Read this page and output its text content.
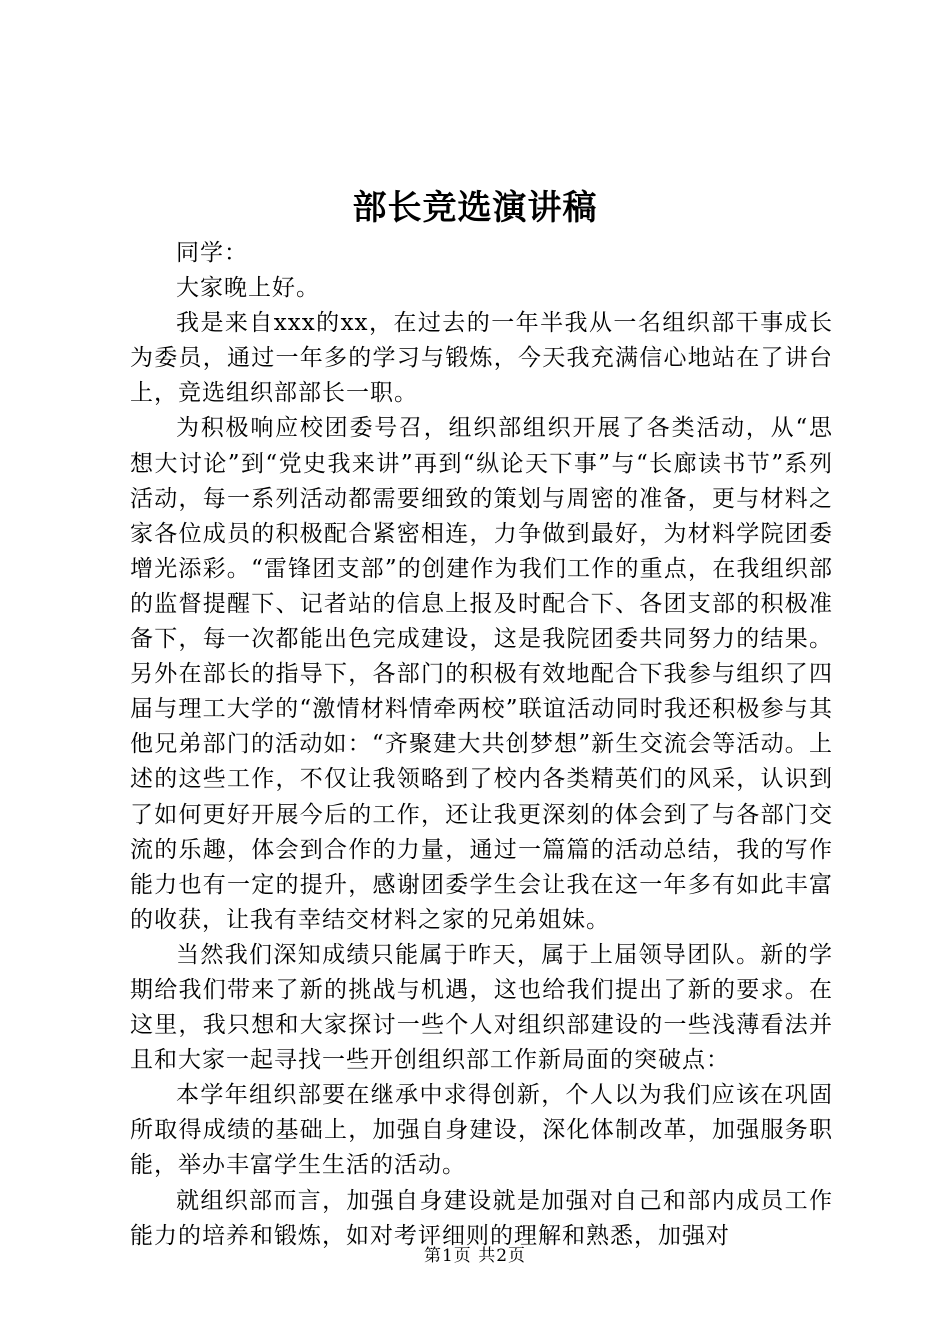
部长竞选演讲稿

同学：

大家晚上好。

我是来自xxx的xx，在过去的一年半我从一名组织部干事成长为委员，通过一年多的学习与锻炼，今天我充满信心地站在了讲台上，竞选组织部部长一职。

为积极响应校团委号召，组织部组织开展了各类活动，从“思想大讨论”到“党史我来讲”再到“纵论天下事”与“长廊读书节”系列活动，每一系列活动都需要细致的策划与周密的准备，更与材料之家各位成员的积极配合紧密相连，力争做到最好，为材料学院团委增光添彩。“雷锋团支部”的创建作为我们工作的重点，在我组织部的监督提醒下、记者站的信息上报及时配合下、各团支部的积极准备下，每一次都能出色完成建设，这是我院团委共同努力的结果。另外在部长的指导下，各部门的积极有效地配合下我参与组织了四届与理工大学的“激情材料情牵两校”联谊活动同时我还积极参与其他兄弟部门的活动如：“齐聚建大共创梦想”新生交流会等活动。上述的这些工作，不仅让我领略到了校内各类精英们的风采，认识到了如何更好开展今后的工作，还让我更深刻的体会到了与各部门交流的乐趣，体会到合作的力量，通过一篇篇的活动总结，我的写作能力也有一定的提升，感谢团委学生会让我在这一年多有如此丰富的收获，让我有幸结交材料之家的兄弟姐妹。

当然我们深知成绩只能属于昨天，属于上届领导团队。新的学期给我们带来了新的挑战与机遇，这也给我们提出了新的要求。在这里，我只想和大家探讨一些个人对组织部建设的一些浅薄看法并且和大家一起寻找一些开创组织部工作新局面的突破点：

本学年组织部要在继承中求得创新，个人以为我们应该在巩固所取得成绩的基础上，加强自身建设，深化体制改革，加强服务职能，举办丰富学生生活的活动。

就组织部而言，加强自身建设就是加强对自己和部内成员工作能力的培养和锻炼，如对考评细则的理解和熟悉，加强对

第1页 共2页
